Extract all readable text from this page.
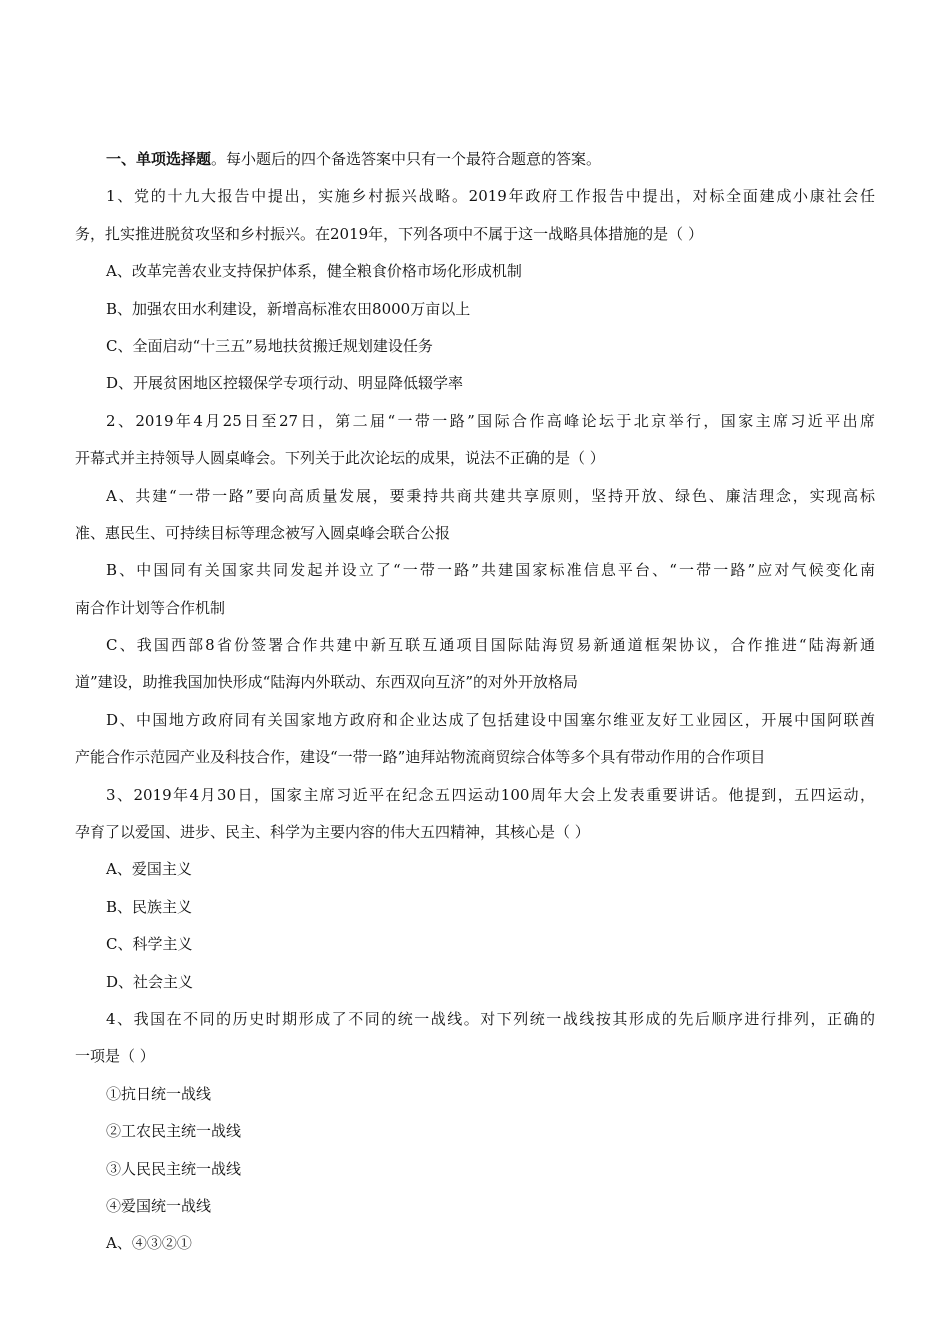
一、单项选择题。每小题后的四个备选答案中只有一个最符合题意的答案。
1、党的十九大报告中提出，实施乡村振兴战略。2019年政府工作报告中提出，对标全面建成小康社会任
务，扎实推进脱贫攻坚和乡村振兴。在2019年，下列各项中不属于这一战略具体措施的是（ ）
A、改革完善农业支持保护体系，健全粮食价格市场化形成机制
B、加强农田水利建设，新增高标准农田8000万亩以上
C、全面启动“十三五”易地扶贫搬迁规划建设任务
D、开展贫困地区控辍保学专项行动、明显降低辍学率
2、2019年4月25日至27日，第二届“一带一路”国际合作高峰论坛于北京举行，国家主席习近平出席
开幕式并主持领导人圆桌峰会。下列关于此次论坛的成果，说法不正确的是（ ）
A、共建“一带一路”要向高质量发展，要秉持共商共建共享原则，坚持开放、绿色、廉洁理念，实现高标
准、惠民生、可持续目标等理念被写入圆桌峰会联合公报
B、中国同有关国家共同发起并设立了“一带一路”共建国家标准信息平台、“一带一路”应对气候变化南
南合作计划等合作机制
C、我国西部8省份签署合作共建中新互联互通项目国际陆海贸易新通道框架协议，合作推进“陆海新通
道”建设，助推我国加快形成“陆海内外联动、东西双向互济”的对外开放格局
D、中国地方政府同有关国家地方政府和企业达成了包括建设中国塞尔维亚友好工业园区，开展中国阿联酋
产能合作示范园产业及科技合作，建设“一带一路”迪拜站物流商贸综合体等多个具有带动作用的合作项目
3、2019年4月30日，国家主席习近平在纪念五四运动100周年大会上发表重要讲话。他提到，五四运动，
孕育了以爱国、进步、民主、科学为主要内容的伟大五四精神，其核心是（ ）
A、爱国主义
B、民族主义
C、科学主义
D、社会主义
4、我国在不同的历史时期形成了不同的统一战线。对下列统一战线按其形成的先后顺序进行排列，正确的
一项是（ ）
①抗日统一战线
②工农民主统一战线
③人民民主统一战线
④爱国统一战线
A、④③②①
